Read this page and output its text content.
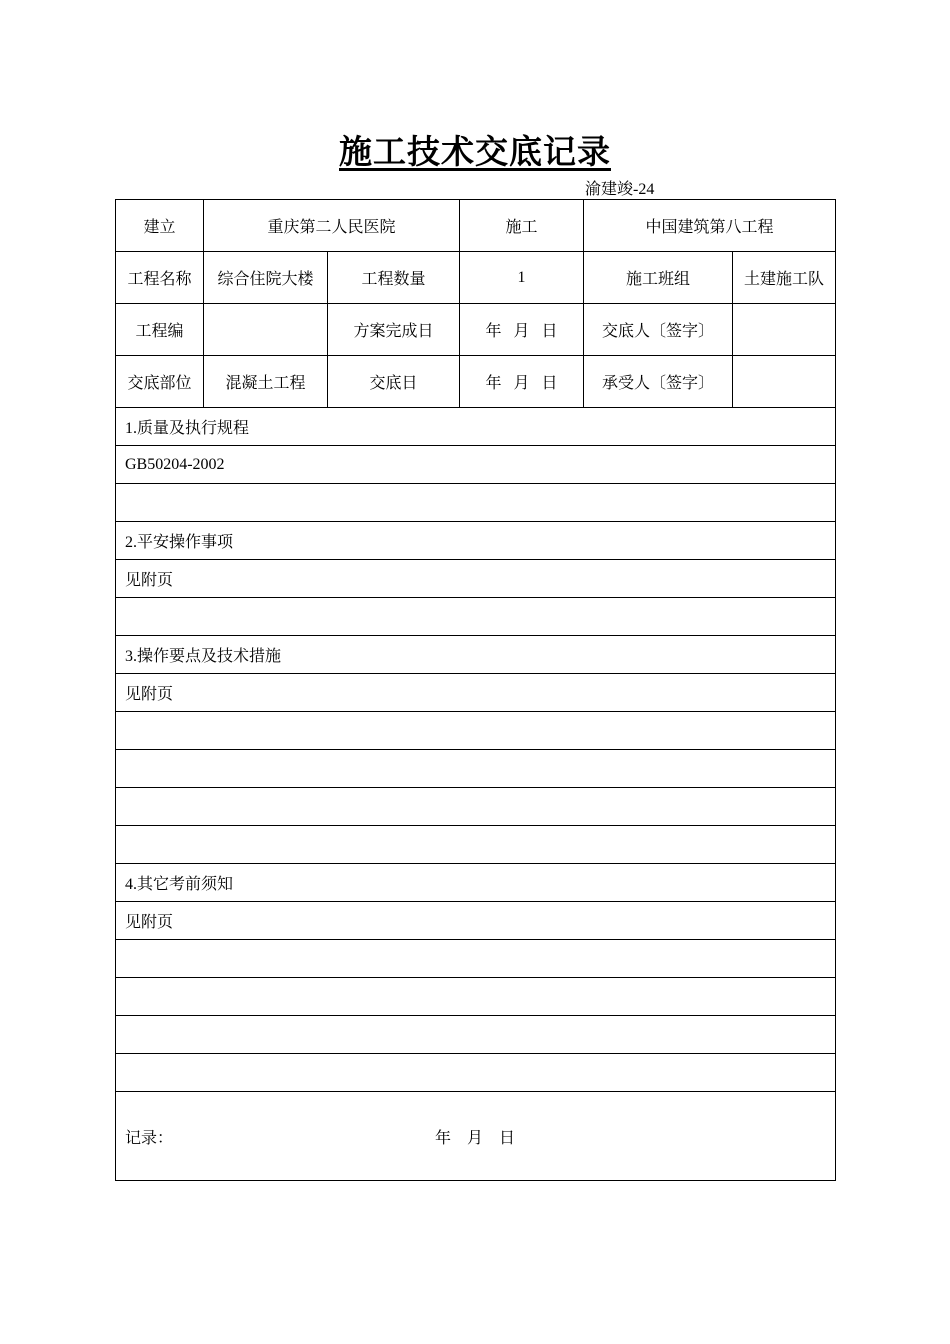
施工技术交底记录
渝建竣-24
建立	重庆第二人民医院		施工	中国建筑第八工程	
工程名称	综合住院大楼	工程数量	1	施工班组	土建施工队
工程编		方案完成日	年 月 日	交底人〔签字〕	
交底部位	混凝土工程	交底日	年 月 日	承受人〔签字〕	
1.质量及执行规程					
GB50204-2002					

2.平安操作事项					
见附页					

3.操作要点及技术措施					
见附页					

4.其它考前须知					
见附页					

记录： 年 月 日					
